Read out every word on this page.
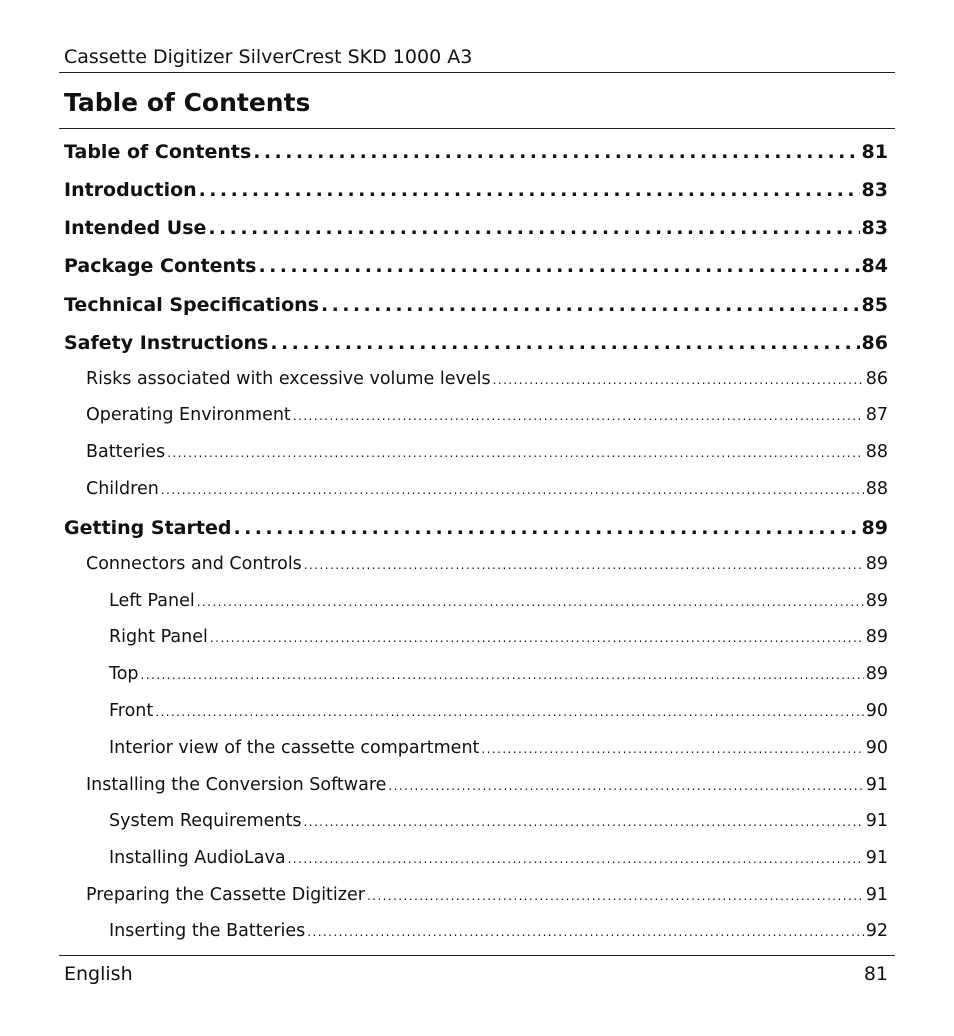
Cassette Digitizer SilverCrest SKD 1000 A3
Table of Contents
Table of Contents . . .	81
Introduction . . .	83
Intended Use . . .	83
Package Contents . . .	84
Technical Specifications . . .	85
Safety Instructions . . .	86
Risks associated with excessive volume levels . . .	86
Operating Environment . . .	87
Batteries . . .	88
Children . . .	88
Getting Started . . .	89
Connectors and Controls . . .	89
Left Panel . . .	89
Right Panel . . .	89
Top . . .	89
Front . . .	90
Interior view of the cassette compartment . . .	90
Installing the Conversion Software . . .	91
System Requirements . . .	91
Installing AudioLava . . .	91
Preparing the Cassette Digitizer . . .	91
Inserting the Batteries . . .	92
English	81
